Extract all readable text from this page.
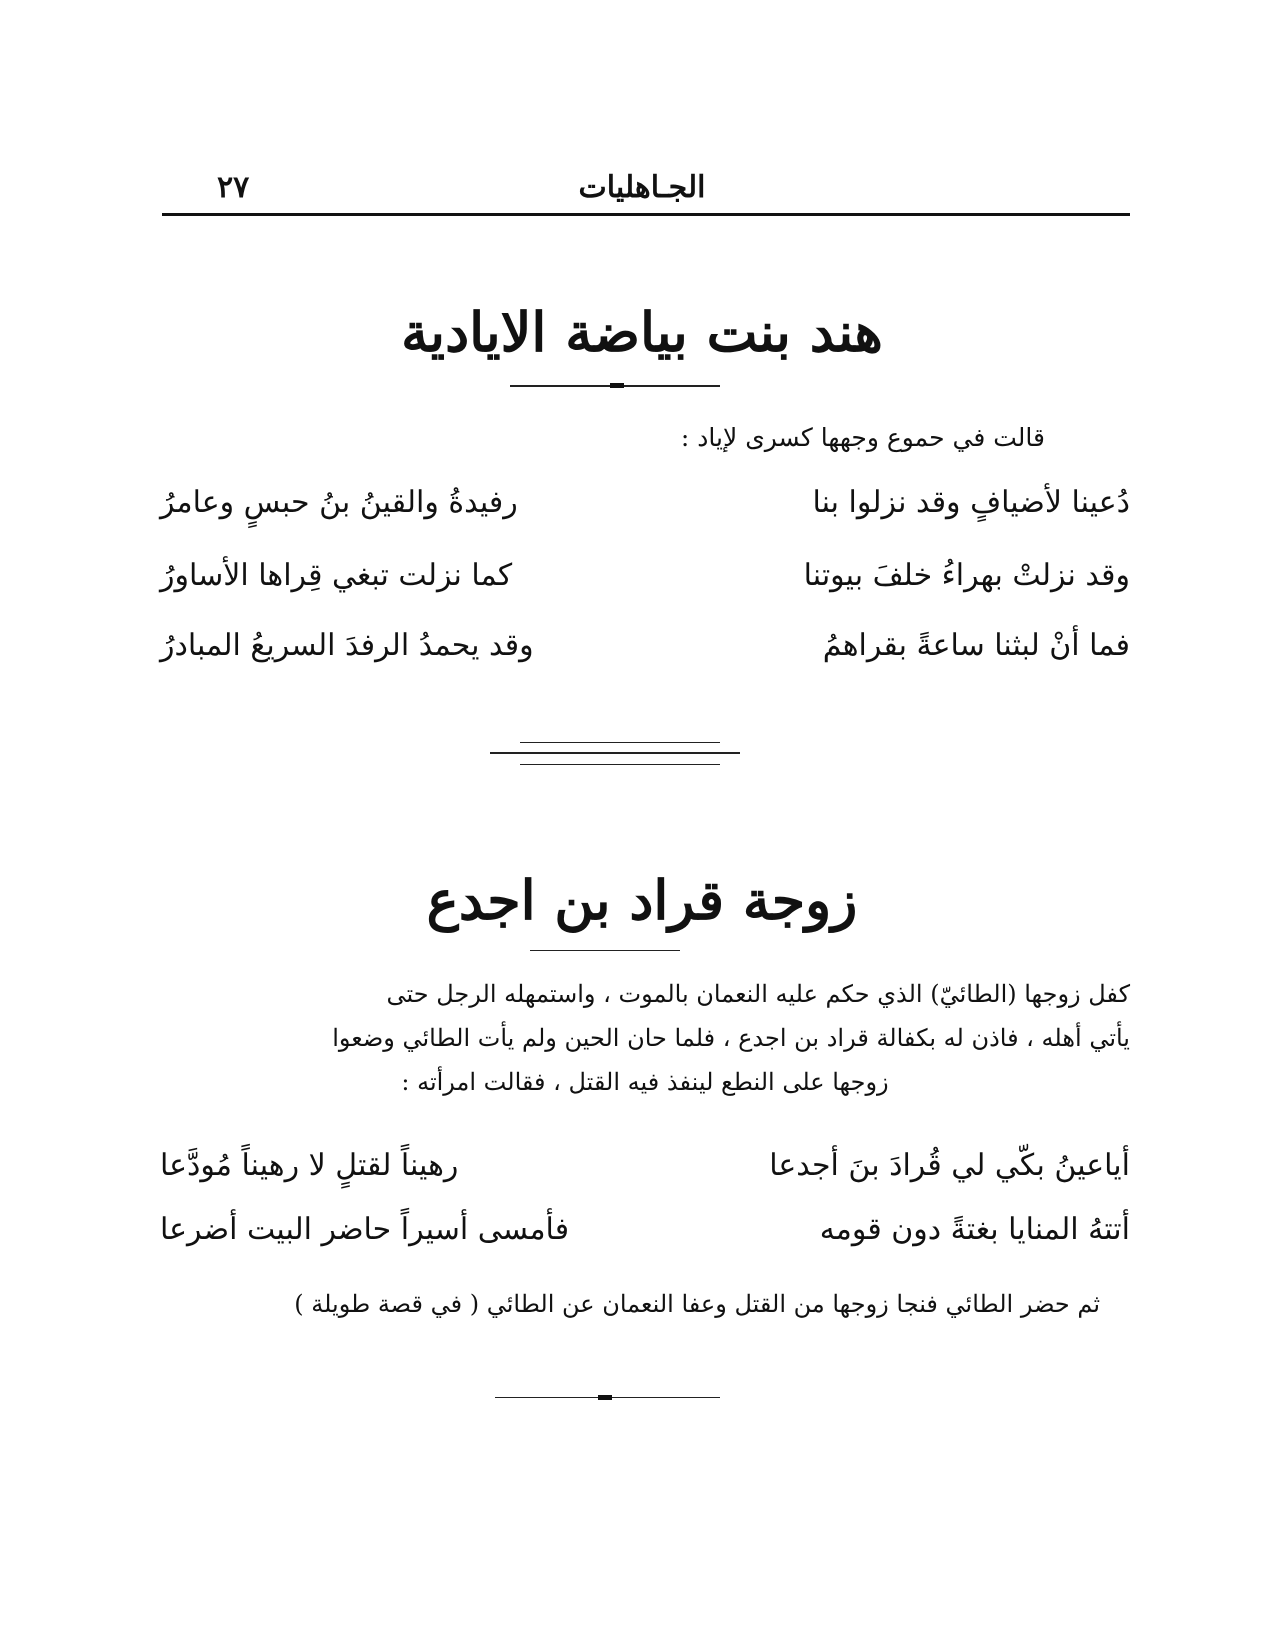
الجـاهليات
٢٧
هند بنت بياضة الايادية
قالت في حموع وجهها كسرى لإياد :
دُعينا لأضيافٍ وقد نزلوا بنا
رفيدةُ والقينُ بنُ حبسٍ وعامرُ
وقد نزلتْ بهراءُ خلفَ بيوتنا
كما نزلت تبغي قِراها الأساورُ
فما أنْ لبثنا ساعةً بقراهمُ
وقد يحمدُ الرفدَ السريعُ المبادرُ
زوجة قراد بن اجدع
كفل زوجها (الطائيّ) الذي حكم عليه النعمان بالموت ، واستمهله الرجل حتى
يأتي أهله ، فاذن له بكفالة قراد بن اجدع ، فلما حان الحين ولم يأت الطائي وضعوا
زوجها على النطع لينفذ فيه القتل ، فقالت امرأته :
أياعينُ بكّي لي قُرادَ بنَ أجدعا
رهيناً لقتلٍ لا رهيناً مُودَّعا
أتتهُ المنايا بغتةً دون قومه
فأمسى أسيراً حاضر البيت أضرعا
ثم حضر الطائي فنجا زوجها من القتل وعفا النعمان عن الطائي ( في قصة طويلة )
